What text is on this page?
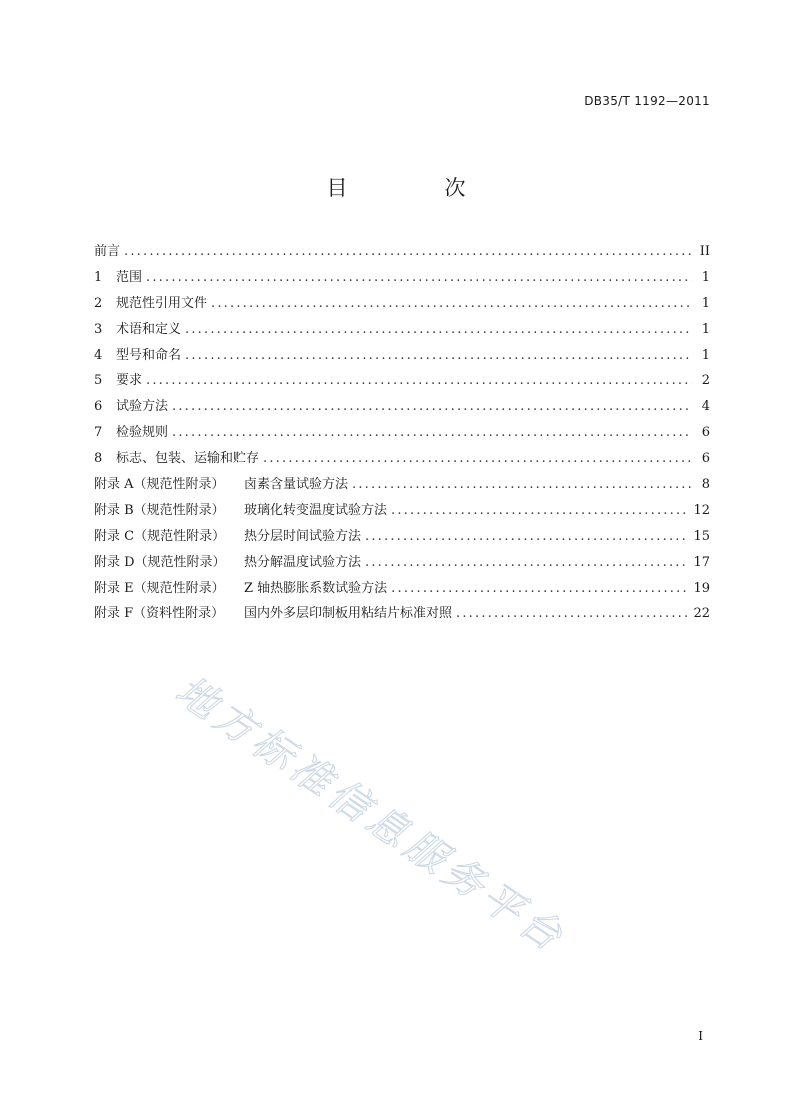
DB35/T 1192—2011
目　次
前言 .....	II
1	范围 .....	1
2	规范性引用文件 .....	1
3	术语和定义 .....	1
4	型号和命名 .....	1
5	要求 .....	2
6	试验方法 .....	4
7	检验规则 .....	6
8	标志、包装、运输和贮存 .....	6
附录 A（规范性附录）	卤素含量试验方法 .....	8
附录 B（规范性附录）	玻璃化转变温度试验方法 .....	12
附录 C（规范性附录）	热分层时间试验方法 .....	15
附录 D（规范性附录）	热分解温度试验方法 .....	17
附录 E（规范性附录）	Z 轴热膨胀系数试验方法 .....	19
附录 F（资料性附录）	国内外多层印制板用粘结片标准对照 .....	22
地方标准信息服务平台
I
